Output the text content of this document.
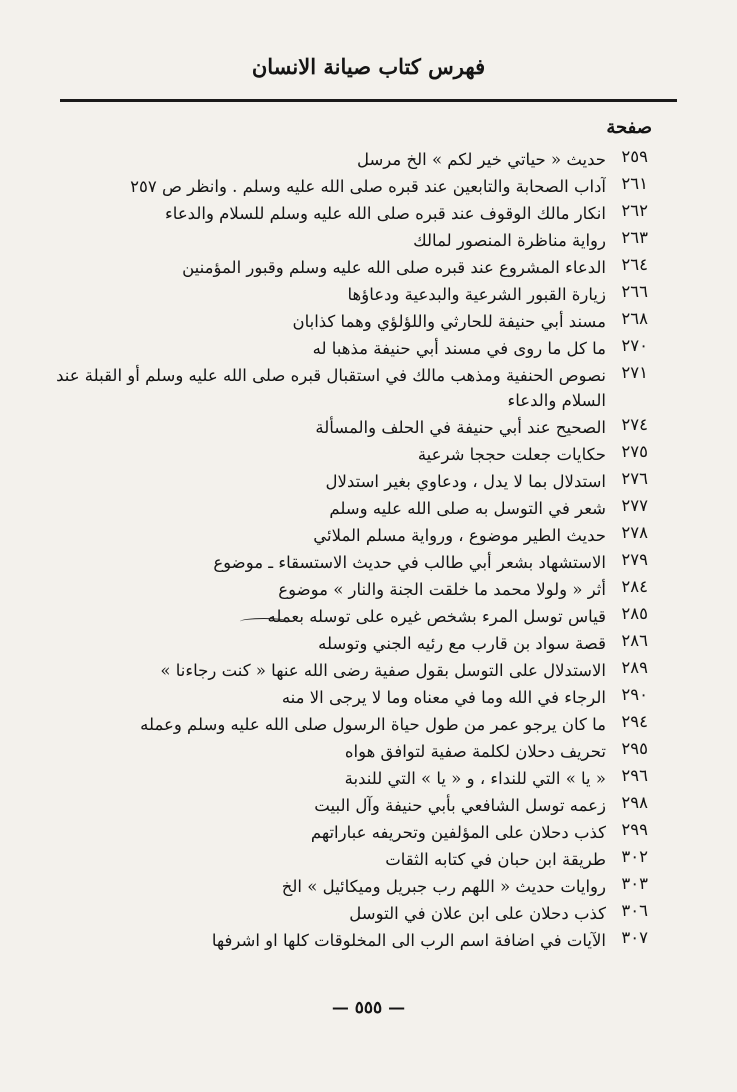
فهرس كتاب صيانة الانسان
صفحة
٢٥٩
حديث « حياتي خير لكم » الخ مرسل
٢٦١
آداب الصحابة والتابعين عند قبره صلى الله عليه وسلم . وانظر ص ٢٥٧
٢٦٢
انكار مالك الوقوف عند قبره صلى الله عليه وسلم للسلام والدعاء
٢٦٣
رواية مناظرة المنصور لمالك
٢٦٤
الدعاء المشروع عند قبره صلى الله عليه وسلم وقبور المؤمنين
٢٦٦
زيارة القبور الشرعية والبدعية ودعاؤها
٢٦٨
مسند أبي حنيفة للحارثي واللؤلؤي وهما كذابان
٢٧٠
ما كل ما روى في مسند أبي حنيفة مذهبا له
٢٧١
نصوص الحنفية ومذهب مالك في استقبال قبره صلى الله عليه وسلم أو القبلة عند السلام والدعاء
٢٧٤
الصحيح عند أبي حنيفة في الحلف والمسألة
٢٧٥
حكايات جعلت حججا شرعية
٢٧٦
استدلال بما لا يدل ، ودعاوي بغير استدلال
٢٧٧
شعر في التوسل به صلى الله عليه وسلم
٢٧٨
حديث الطير موضوع ، ورواية مسلم الملائي
٢٧٩
الاستشهاد بشعر أبي طالب في حديث الاستسقاء ـ موضوع
٢٨٤
أثر « ولولا محمد ما خلقت الجنة والنار » موضوع
٢٨٥
قياس توسل المرء بشخص غيره على توسله بعمله
٢٨٦
قصة سواد بن قارب مع رئيه الجني وتوسله
٢٨٩
الاستدلال على التوسل بقول صفية رضى الله عنها « كنت رجاءنا »
٢٩٠
الرجاء في الله وما في معناه وما لا يرجى الا منه
٢٩٤
ما كان يرجو عمر من طول حياة الرسول صلى الله عليه وسلم وعمله
٢٩٥
تحريف دحلان لكلمة صفية لتوافق هواه
٢٩٦
« يا » التي للنداء ، و « يا » التي للندبة
٢٩٨
زعمه توسل الشافعي بأبي حنيفة وآل البيت
٢٩٩
كذب دحلان على المؤلفين وتحريفه عباراتهم
٣٠٢
طريقة ابن حبان في كتابه الثقات
٣٠٣
روايات حديث « اللهم رب جبريل وميكائيل » الخ
٣٠٦
كذب دحلان على ابن علان في التوسل
٣٠٧
الآيات في اضافة اسم الرب الى المخلوقات كلها او اشرفها
— ٥٥٥ —
